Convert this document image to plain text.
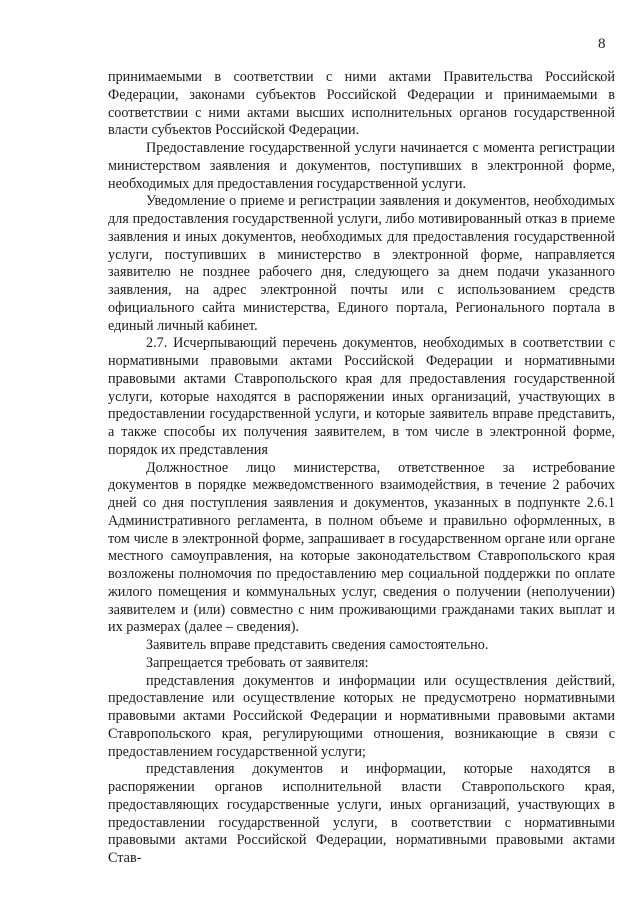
8

принимаемыми в соответствии с ними актами Правительства Российской Федерации, законами субъектов Российской Федерации и принимаемыми в соответствии с ними актами высших исполнительных органов государственной власти субъектов Российской Федерации.

Предоставление государственной услуги начинается с момента регистрации министерством заявления и документов, поступивших в электронной форме, необходимых для предоставления государственной услуги.

Уведомление о приеме и регистрации заявления и документов, необходимых для предоставления государственной услуги, либо мотивированный отказ в приеме заявления и иных документов, необходимых для предоставления государственной услуги, поступивших в министерство в электронной форме, направляется заявителю не позднее рабочего дня, следующего за днем подачи указанного заявления, на адрес электронной почты или с использованием средств официального сайта министерства, Единого портала, Регионального портала в единый личный кабинет.

2.7. Исчерпывающий перечень документов, необходимых в соответствии с нормативными правовыми актами Российской Федерации и нормативными правовыми актами Ставропольского края для предоставления государственной услуги, которые находятся в распоряжении иных организаций, участвующих в предоставлении государственной услуги, и которые заявитель вправе представить, а также способы их получения заявителем, в том числе в электронной форме, порядок их представления

Должностное лицо министерства, ответственное за истребование документов в порядке межведомственного взаимодействия, в течение 2 рабочих дней со дня поступления заявления и документов, указанных в подпункте 2.6.1 Административного регламента, в полном объеме и правильно оформленных, в том числе в электронной форме, запрашивает в государственном органе или органе местного самоуправления, на которые законодательством Ставропольского края возложены полномочия по предоставлению мер социальной поддержки по оплате жилого помещения и коммунальных услуг, сведения о получении (неполучении) заявителем и (или) совместно с ним проживающими гражданами таких выплат и их размерах (далее – сведения).

Заявитель вправе представить сведения самостоятельно.

Запрещается требовать от заявителя:

представления документов и информации или осуществления действий, предоставление или осуществление которых не предусмотрено нормативными правовыми актами Российской Федерации и нормативными правовыми актами Ставропольского края, регулирующими отношения, возникающие в связи с предоставлением государственной услуги;

представления документов и информации, которые находятся в распоряжении органов исполнительной власти Ставропольского края, предоставляющих государственные услуги, иных организаций, участвующих в предоставлении государственной услуги, в соответствии с нормативными правовыми актами Российской Федерации, нормативными правовыми актами Став-
